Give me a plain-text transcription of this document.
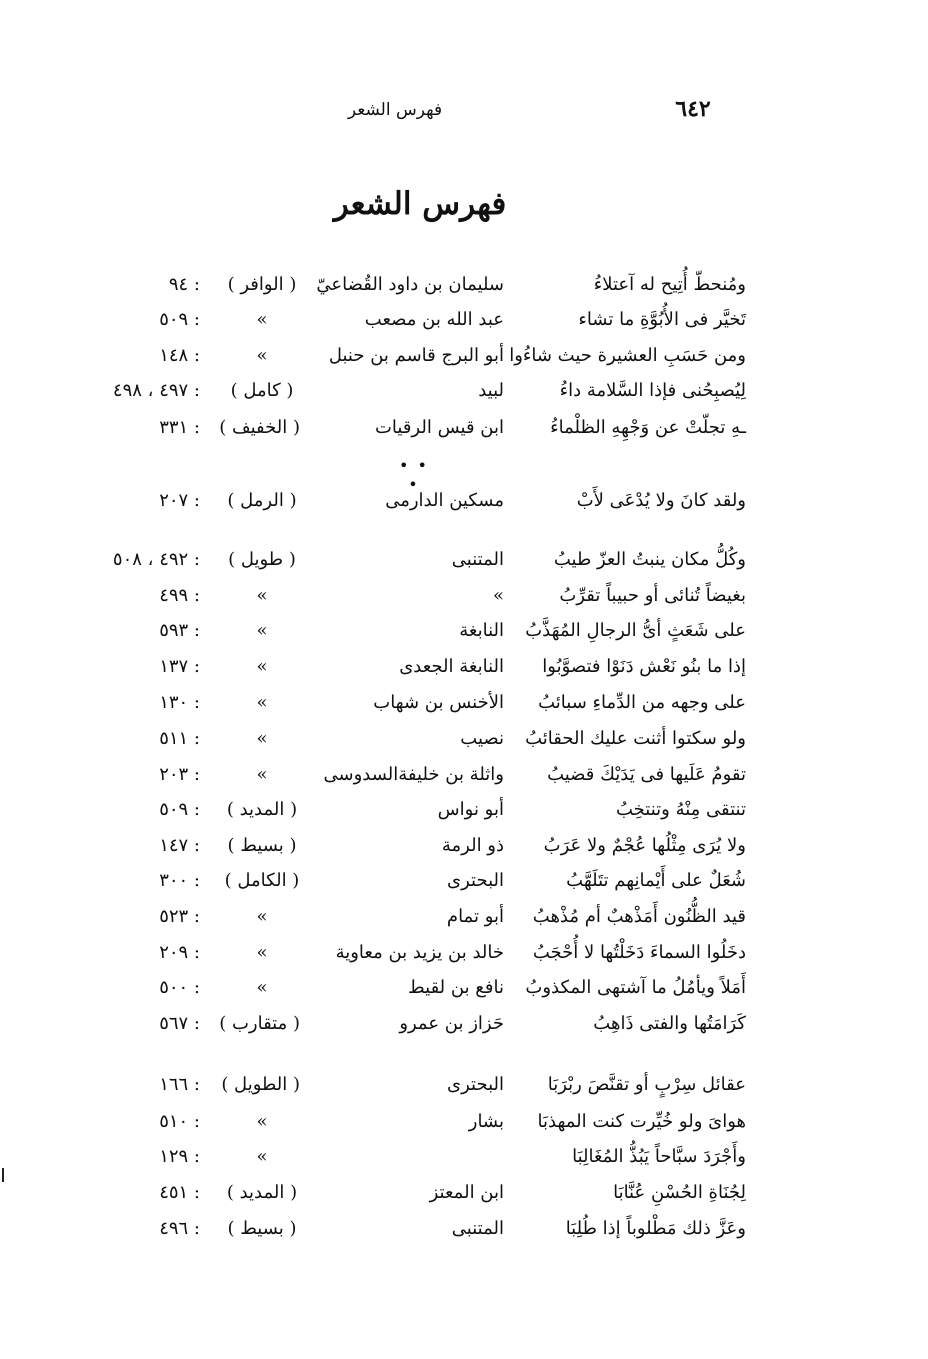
٦٤٢
فهرس الشعر
فهرس الشعر
ومُنحطّ أُتِيح له آعتلاءُ
سليمان بن داود القُضاعيّ
( الوافر )
: ٩٤
تَخيَّر فى الأُبُوَّةِ ما تشاء
عبد الله بن مصعب
»
: ٥٠٩
ومن حَسَبِ العشيرة حيث شاءُوا
أبو البرج قاسم بن حنبل
»
: ١٤٨
لِيُصبِحُنى فإذا السَّلامة داءُ
لبيد
( كامل )
: ٤٩٧ ، ٤٩٨
ـهِ تجلّتْ عن وَجْهِهِ الظلْماءُ
ابن قيس الرقيات
( الخفيف )
: ٣٣١
ولقد كانَ ولا يُدْعَى لأَبْ
مسكين الدارمى
( الرمل )
: ٢٠٧
وكُلُّ مكان ينبتُ العزّ طيبُ
المتنبى
( طويل )
: ٤٩٢ ، ٥٠٨
بغيضاً تُنائى أو حبيباً تقرِّبُ
»
»
: ٤٩٩
على شَعَثٍ أىُّ الرجالِ المُهَذَّبُ
النابغة
»
: ٥٩٣
إذا ما بنُو نَعْش دَنَوْا فتصوَّبُوا
النابغة الجعدى
»
: ١٣٧
على وجهه من الدِّماءِ سبائبُ
الأخنس بن شهاب
»
: ١٣٠
ولو سكتوا أثنت عليك الحقائبُ
نصيب
»
: ٥١١
تقومُ عَلَيها فى يَدَيْكَ قضيبُ
واثلة بن خليفةالسدوسى
»
: ٢٠٣
تنتقى مِنْهُ وتنتخِبُ
أبو نواس
( المديد )
: ٥٠٩
ولا يُرَى مِثْلُها عُجْمٌ ولا عَرَبُ
ذو الرمة
( بسيط )
: ١٤٧
شُعَلٌ على أَيْمانِهم تتَلَهَّبُ
البحترى
( الكامل )
: ٣٠٠
قيد الظُّنُون أَمَذْهبٌ أم مُذْهبُ
أبو تمام
»
: ٥٢٣
دخَلُوا السماءَ دَخَلْتُها لا أُحْجَبُ
خالد بن يزيد بن معاوية
»
: ٢٠٩
أَمَلاً ويأمُلُ ما آشتهى المكذوبُ
نافع بن لقيط
»
: ٥٠٠
كَرَامَتُها والفتى ذَاهِبُ
حَزاز بن عمرو
( متقارب )
: ٥٦٧
عقائل سِرْبٍ أو تقنَّصَ ربْرَبَا
البحترى
( الطويل )
: ١٦٦
هواىَ ولو خُيِّرت كنت المهذبَا
بشار
»
: ٥١٠
وأَجْرَدَ سبَّاحاً يَبُذُّ المُغَالِبَا
»
: ١٢٩
لِجُنَاةِ الحُسْنِ عُنَّابَا
ابن المعتز
( المديد )
: ٤٥١
وعَزَّ ذلك مَطْلوباً إذا طُلِبَا
المتنبى
( بسيط )
: ٤٩٦
• • •
